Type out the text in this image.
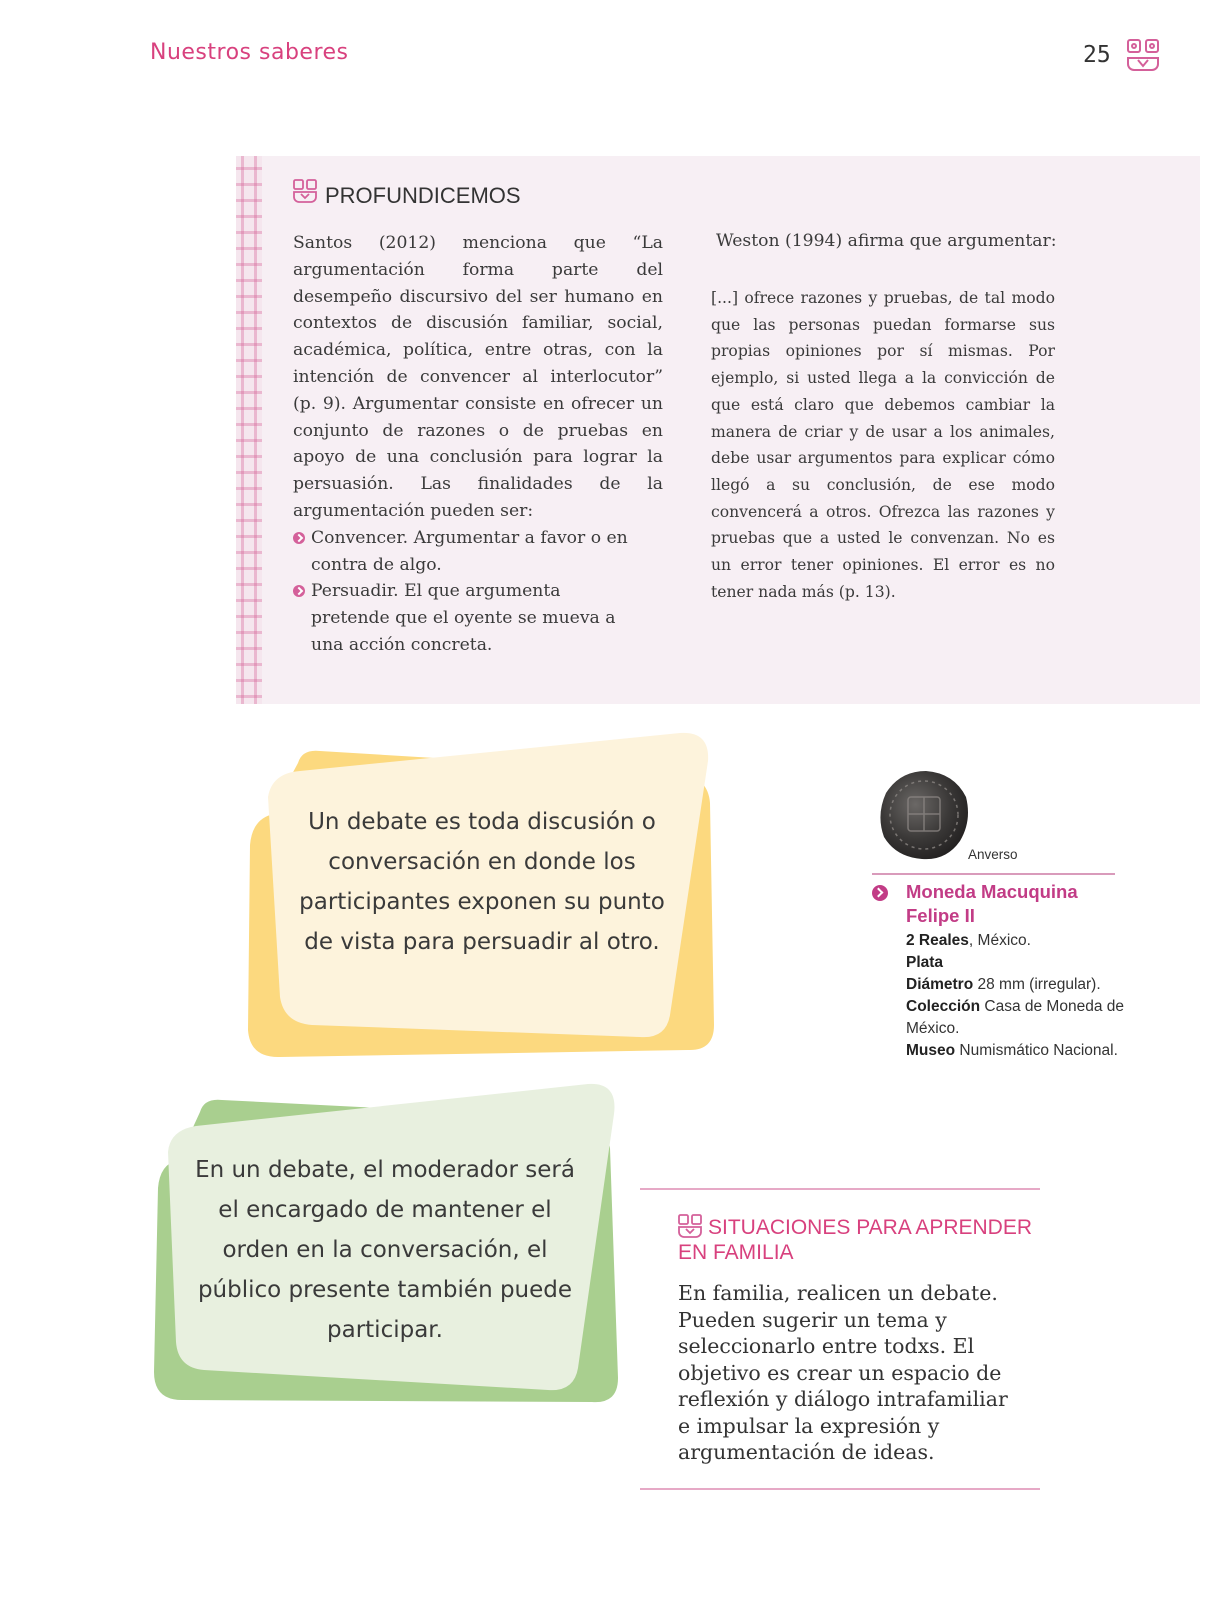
Nuestros saberes	25
PROFUNDICEMOS

Santos (2012) menciona que “La argumentación forma parte del desempeño discursivo del ser humano en contextos de discusión familiar, social, académica, política, entre otras, con la intención de convencer al interlocutor” (p. 9). Argumentar consiste en ofrecer un conjunto de razones o de pruebas en apoyo de una conclusión para lograr la persuasión. Las finalidades de la argumentación pueden ser:

Convencer. Argumentar a favor o en contra de algo.
Persuadir. El que argumenta pretende que el oyente se mueva a una acción concreta.
Weston (1994) afirma que argumentar:
[...] ofrece razones y pruebas, de tal modo que las personas puedan formarse sus propias opiniones por sí mismas. Por ejemplo, si usted llega a la convicción de que está claro que debemos cambiar la manera de criar y de usar a los animales, debe usar argumentos para explicar cómo llegó a su conclusión, de ese modo convencerá a otros. Ofrezca las razones y pruebas que a usted le convenzan. No es un error tener opiniones. El error es no tener nada más (p. 13).
Un debate es toda discusión o conversación en donde los participantes exponen su punto de vista para persuadir al otro.
En un debate, el moderador será el encargado de mantener el orden en la conversación, el público presente también puede participar.
Anverso
Moneda Macuquina Felipe II
2 Reales, México.
Plata
Diámetro 28 mm (irregular).
Colección Casa de Moneda de México.
Museo Numismático Nacional.
SITUACIONES PARA APRENDER EN FAMILIA
En familia, realicen un debate. Pueden sugerir un tema y seleccionarlo entre todxs. El objetivo es crear un espacio de reflexión y diálogo intrafamiliar e impulsar la expresión y argumentación de ideas.
